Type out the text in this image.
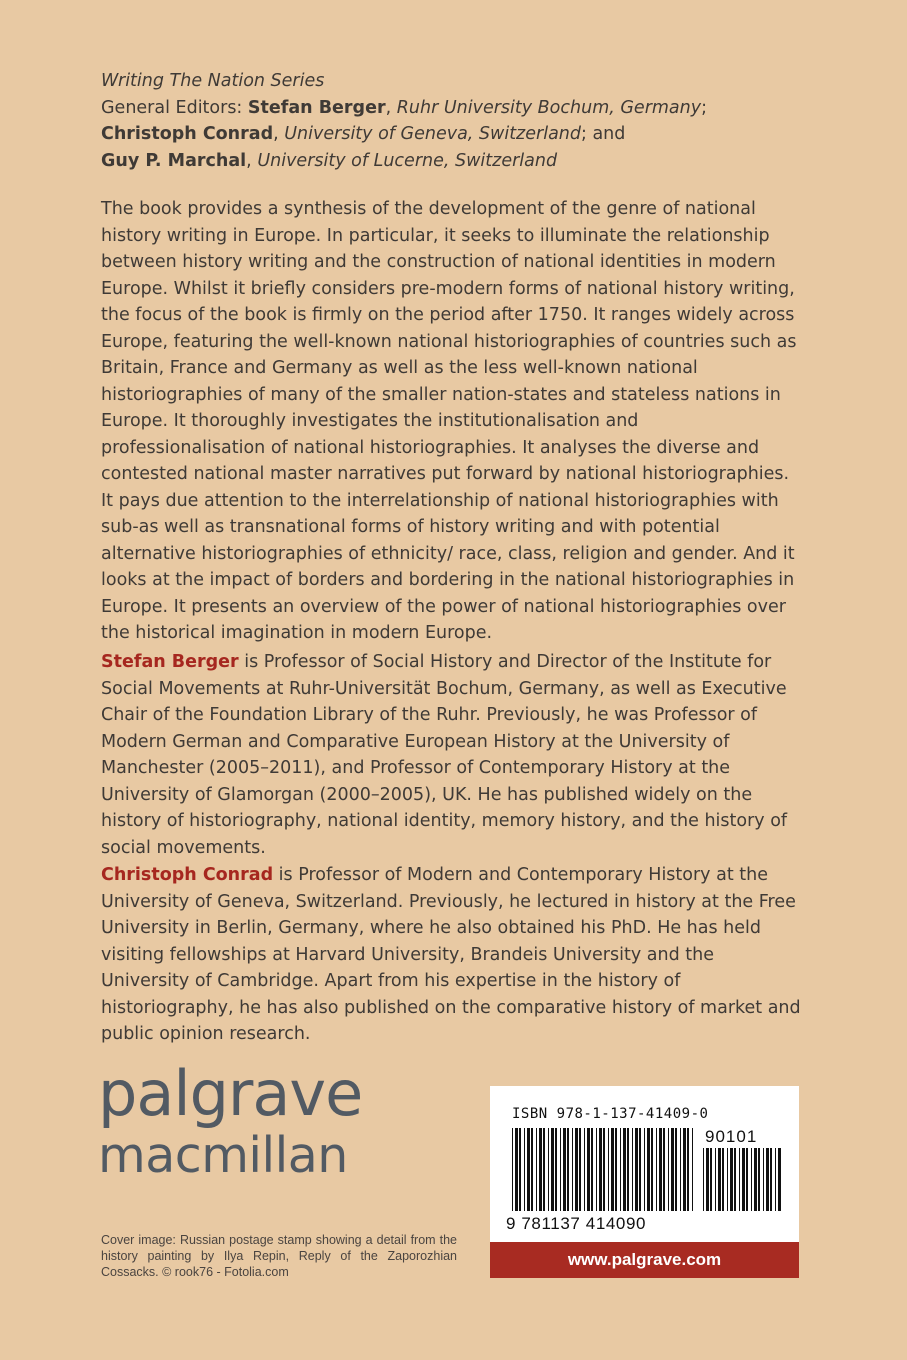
Writing The Nation Series
General Editors: Stefan Berger, Ruhr University Bochum, Germany;
Christoph Conrad, University of Geneva, Switzerland; and
Guy P. Marchal, University of Lucerne, Switzerland

The book provides a synthesis of the development of the genre of national history writing in Europe. In particular, it seeks to illuminate the relationship between history writing and the construction of national identities in modern Europe. Whilst it briefly considers pre-modern forms of national history writing, the focus of the book is firmly on the period after 1750. It ranges widely across Europe, featuring the well-known national historiographies of countries such as Britain, France and Germany as well as the less well-known national historiographies of many of the smaller nation-states and stateless nations in Europe. It thoroughly investigates the institutionalisation and professionalisation of national historiographies. It analyses the diverse and contested national master narratives put forward by national historiographies. It pays due attention to the interrelationship of national historiographies with sub-as well as transnational forms of history writing and with potential alternative historiographies of ethnicity/ race, class, religion and gender. And it looks at the impact of borders and bordering in the national historiographies in Europe. It presents an overview of the power of national historiographies over the historical imagination in modern Europe.

Stefan Berger is Professor of Social History and Director of the Institute for Social Movements at Ruhr-Universität Bochum, Germany, as well as Executive Chair of the Foundation Library of the Ruhr. Previously, he was Professor of Modern German and Comparative European History at the University of Manchester (2005–2011), and Professor of Contemporary History at the University of Glamorgan (2000–2005), UK. He has published widely on the history of historiography, national identity, memory history, and the history of social movements.

Christoph Conrad is Professor of Modern and Contemporary History at the University of Geneva, Switzerland. Previously, he lectured in history at the Free University in Berlin, Germany, where he also obtained his PhD. He has held visiting fellowships at Harvard University, Brandeis University and the University of Cambridge. Apart from his expertise in the history of historiography, he has also published on the comparative history of market and public opinion research.

palgrave
macmillan

Cover image: Russian postage stamp showing a detail from the history painting by Ilya Repin, Reply of the Zaporozhian Cossacks. © rook76 - Fotolia.com

ISBN 978-1-137-41409-0
90101
9 781137 414090
www.palgrave.com
